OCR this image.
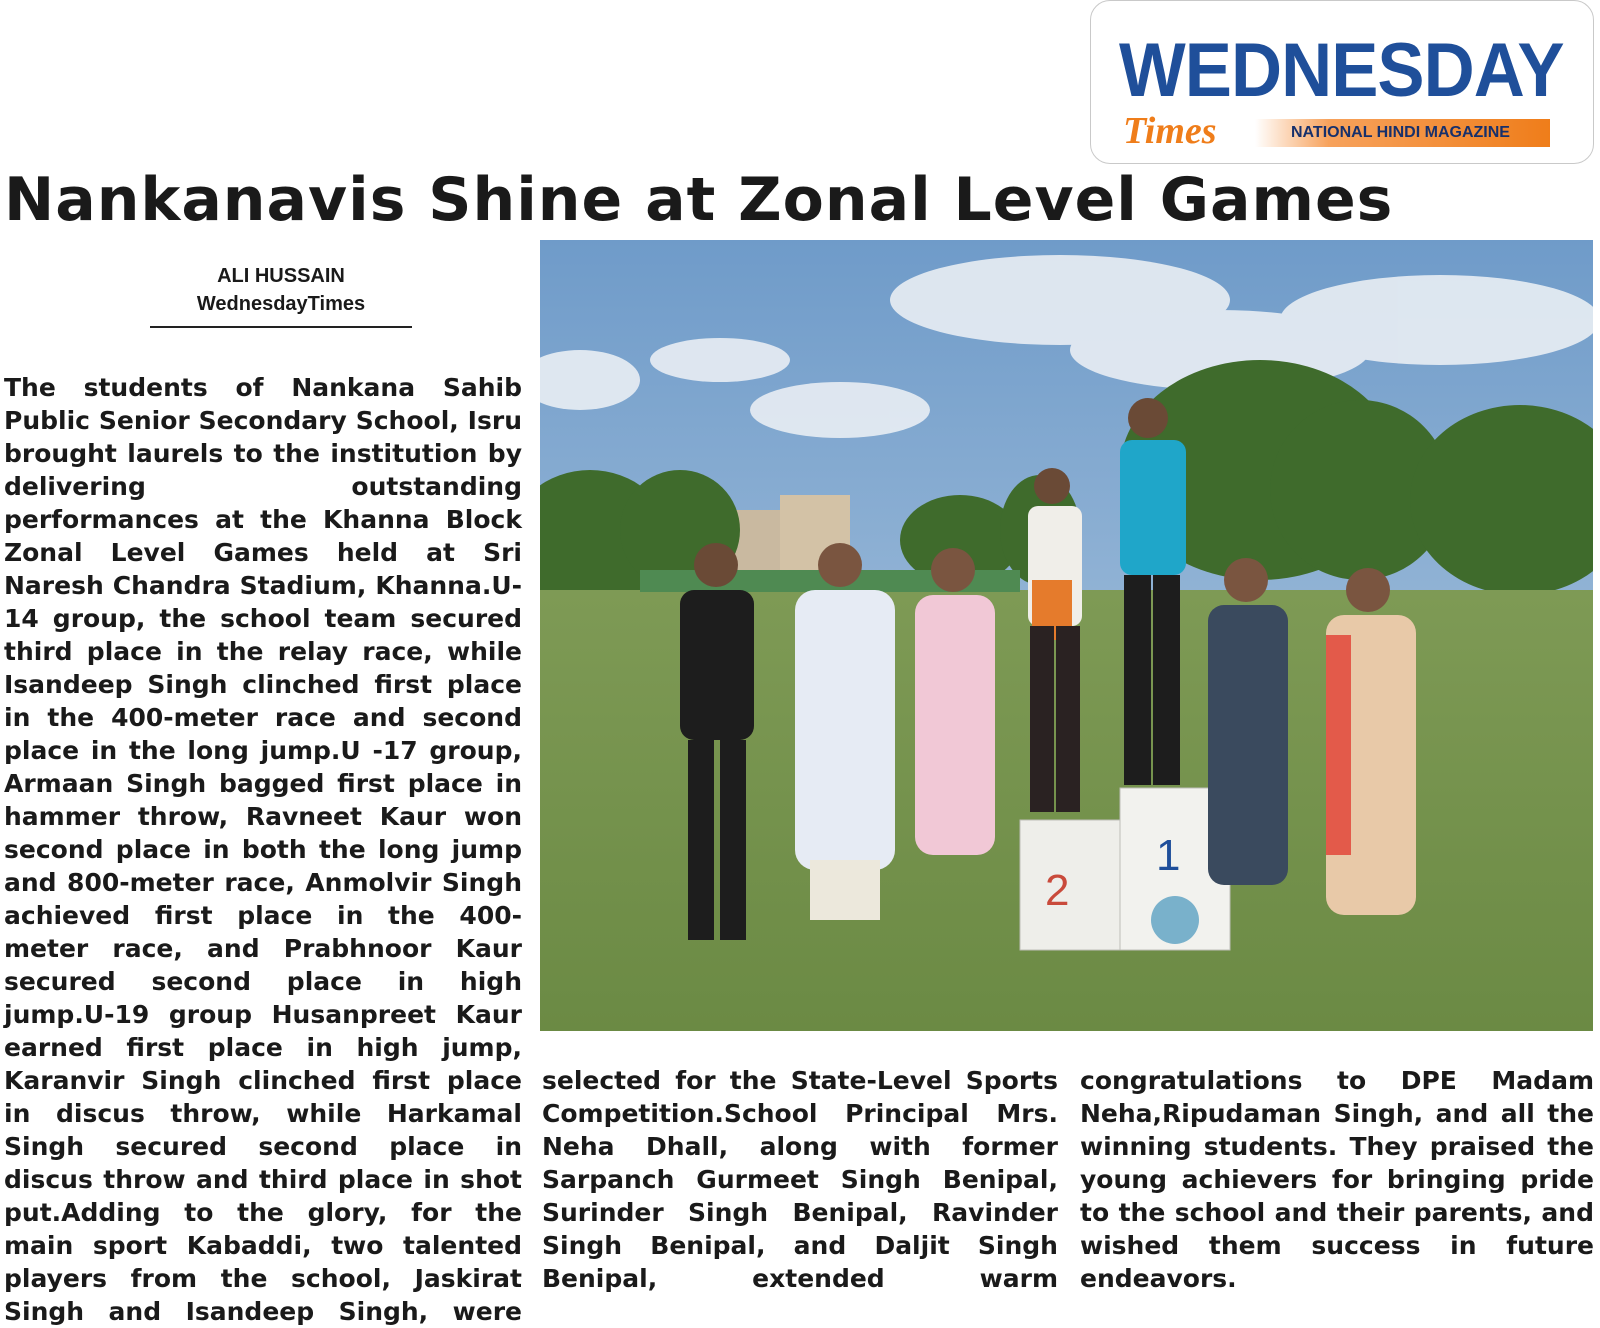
WEDNESDAY
Times	NATIONAL HINDI MAGAZINE
Nankanavis Shine at Zonal Level Games
ALI HUSSAIN
WednesdayTimes
2
1

The students of Nankana Sahib Public Senior Secondary School, Isru brought laurels to the institution by delivering outstanding performances at the Khanna Block Zonal Level Games held at Sri Naresh Chandra Stadium, Khanna.U-14 group, the school team secured third place in the relay race, while Isandeep Singh clinched first place in the 400-meter race and second place in the long jump.U -17 group, Armaan Singh bagged first place in hammer throw, Ravneet Kaur won second place in both the long jump and 800-meter race, Anmolvir Singh achieved first place in the 400-meter race, and Prabhnoor Kaur secured second place in high jump.U-19 group Husanpreet Kaur earned first place in high jump, Karanvir Singh clinched first place in discus throw, while Harkamal Singh secured second place in discus throw and third place in shot put.Adding to the glory, for the main sport Kabaddi, two talented players from the school, Jaskirat Singh and Isandeep Singh, were

selected for the State-Level Sports Competition.School Principal Mrs. Neha Dhall, along with former Sarpanch Gurmeet Singh Benipal, Surinder Singh Benipal, Ravinder Singh Benipal, and Daljit Singh Benipal, extended warm

congratulations to DPE Madam Neha,Ripudaman Singh, and all the winning students. They praised the young achievers for bringing pride to the school and their parents, and wished them success in future endeavors.
